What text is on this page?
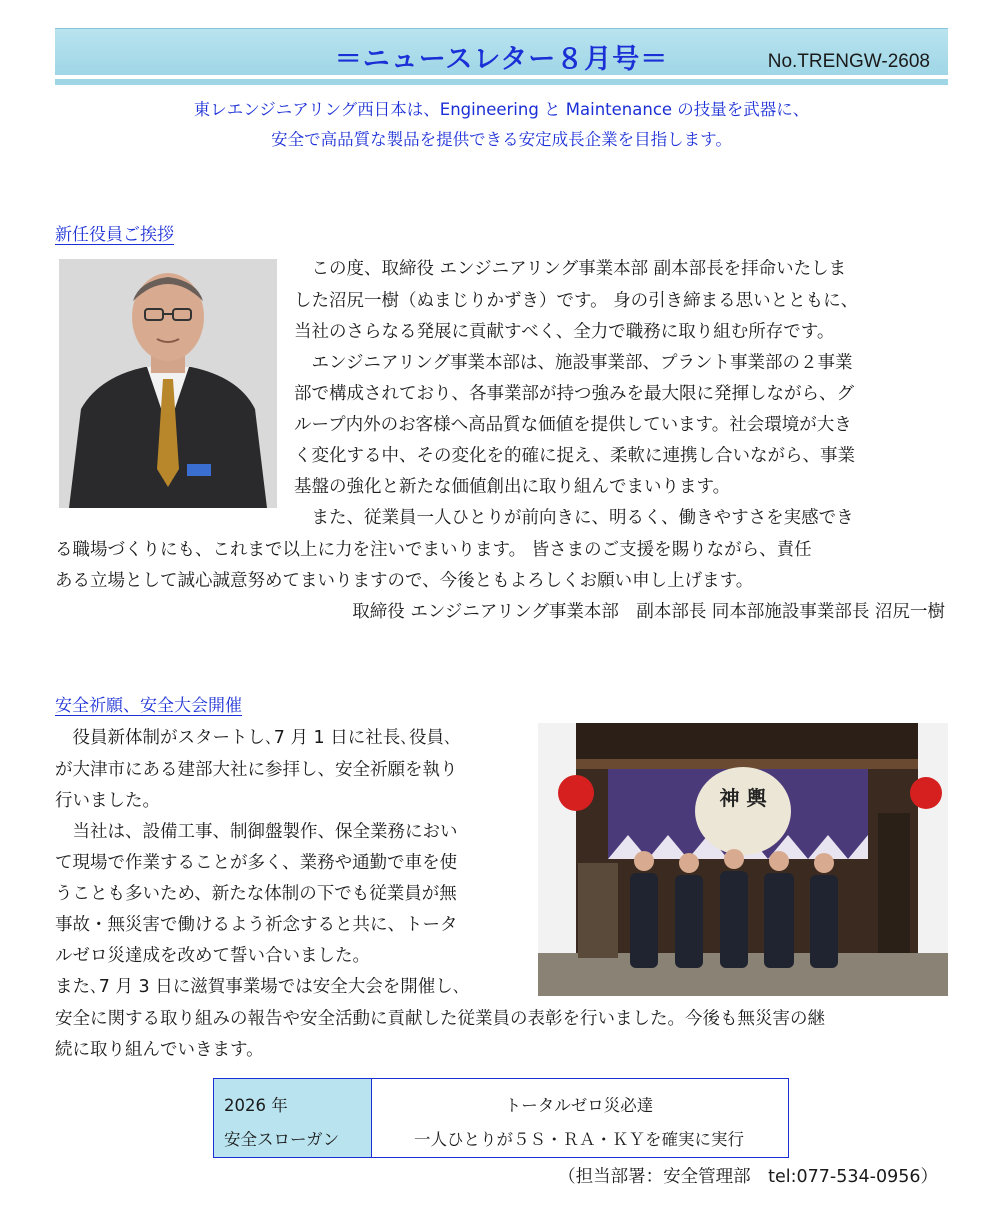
＝ニュースレター８月号＝	No.TRENGW-2608
東レエンジニアリング西日本は、Engineering と Maintenance の技量を武器に、
安全で高品質な製品を提供できる安定成長企業を目指します。
新任役員ご挨拶
　この度、取締役 エンジニアリング事業本部 副本部長を拝命いたしま
した沼尻一樹（ぬまじりかずき）です。 身の引き締まる思いとともに、
当社のさらなる発展に貢献すべく、全力で職務に取り組む所存です。
　エンジニアリング事業本部は、施設事業部、プラント事業部の２事業
部で構成されており、各事業部が持つ強みを最大限に発揮しながら、グ
ループ内外のお客様へ高品質な価値を提供しています。社会環境が大き
く変化する中、その変化を的確に捉え、柔軟に連携し合いながら、事業
基盤の強化と新たな価値創出に取り組んでまいります。
　また、従業員一人ひとりが前向きに、明るく、働きやすさを実感でき
る職場づくりにも、これまで以上に力を注いでまいります。 皆さまのご支援を賜りながら、責任
ある立場として誠心誠意努めてまいりますので、今後ともよろしくお願い申し上げます。
取締役 エンジニアリング事業本部　副本部長 同本部施設事業部長 沼尻一樹
安全祈願、安全大会開催
　役員新体制がスタートし､7 月 1 日に社長､役員､
が大津市にある建部大社に参拝し、安全祈願を執り
行いました。
　当社は、設備工事、制御盤製作、保全業務におい
て現場で作業することが多く、業務や通勤で車を使
うことも多いため、新たな体制の下でも従業員が無
事故・無災害で働けるよう祈念すると共に、トータ
ルゼロ災達成を改めて誓い合いました。
また､7 月 3 日に滋賀事業場では安全大会を開催し､
安全に関する取り組みの報告や安全活動に貢献した従業員の表彰を行いました。今後も無災害の継
続に取り組んでいきます。
神 輿
2026 年
安全スローガン
トータルゼロ災必達
一人ひとりが５Ｓ・ＲＡ・ＫＹを確実に実行
（担当部署：安全管理部　tel:077-534-0956）
